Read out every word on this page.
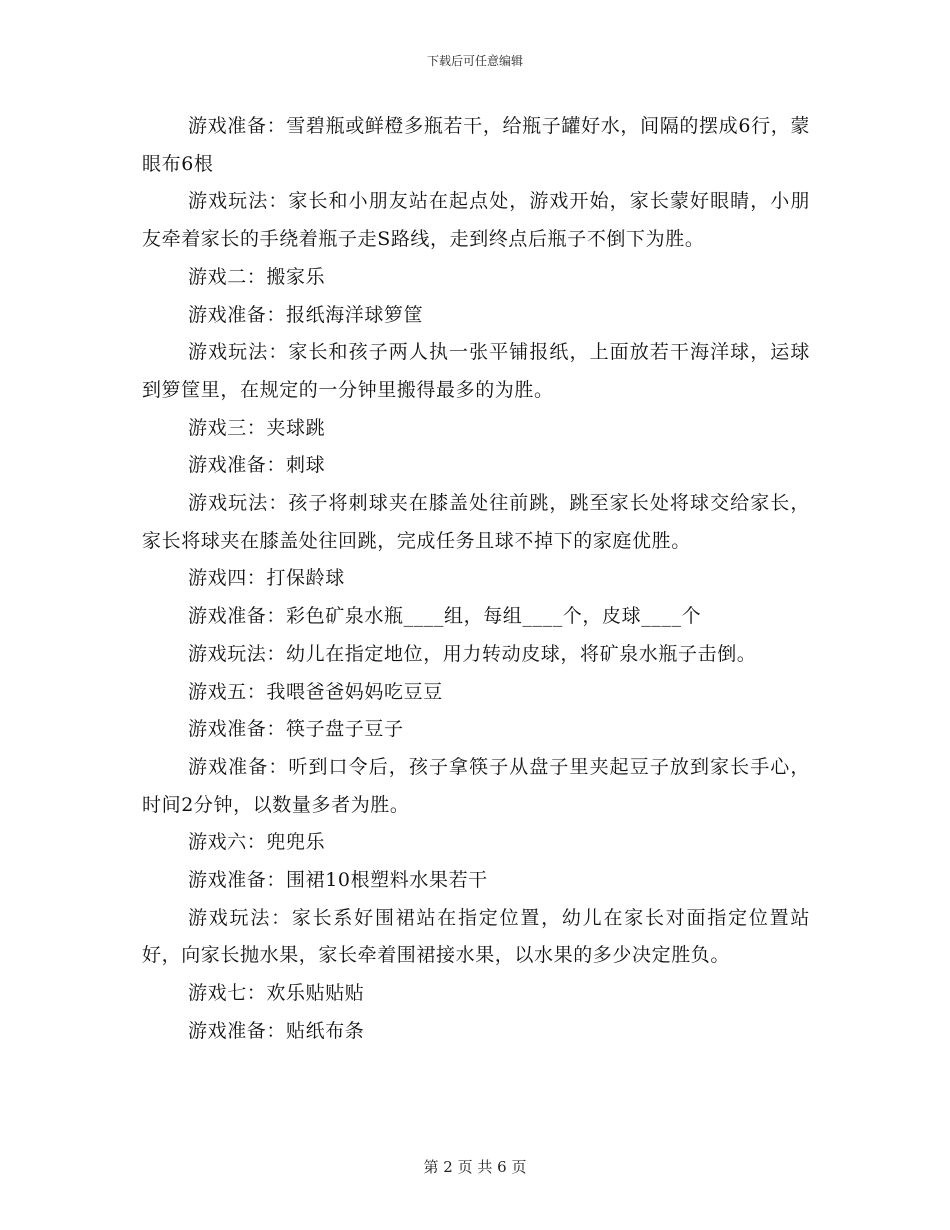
下载后可任意编辑

游戏准备：雪碧瓶或鲜橙多瓶若干，给瓶子罐好水，间隔的摆成6行，蒙眼布6根

游戏玩法：家长和小朋友站在起点处，游戏开始，家长蒙好眼睛，小朋友牵着家长的手绕着瓶子走S路线，走到终点后瓶子不倒下为胜。

游戏二：搬家乐

游戏准备：报纸海洋球箩筐

游戏玩法：家长和孩子两人执一张平铺报纸，上面放若干海洋球，运球到箩筐里，在规定的一分钟里搬得最多的为胜。

游戏三：夹球跳

游戏准备：刺球

游戏玩法：孩子将刺球夹在膝盖处往前跳，跳至家长处将球交给家长，家长将球夹在膝盖处往回跳，完成任务且球不掉下的家庭优胜。

游戏四：打保龄球

游戏准备：彩色矿泉水瓶____组，每组____个，皮球____个

游戏玩法：幼儿在指定地位，用力转动皮球，将矿泉水瓶子击倒。

游戏五：我喂爸爸妈妈吃豆豆

游戏准备：筷子盘子豆子

游戏准备：听到口令后，孩子拿筷子从盘子里夹起豆子放到家长手心，时间2分钟，以数量多者为胜。

游戏六：兜兜乐

游戏准备：围裙10根塑料水果若干

游戏玩法：家长系好围裙站在指定位置，幼儿在家长对面指定位置站好，向家长抛水果，家长牵着围裙接水果，以水果的多少决定胜负。

游戏七：欢乐贴贴贴

游戏准备：贴纸布条

第 2 页 共 6 页
